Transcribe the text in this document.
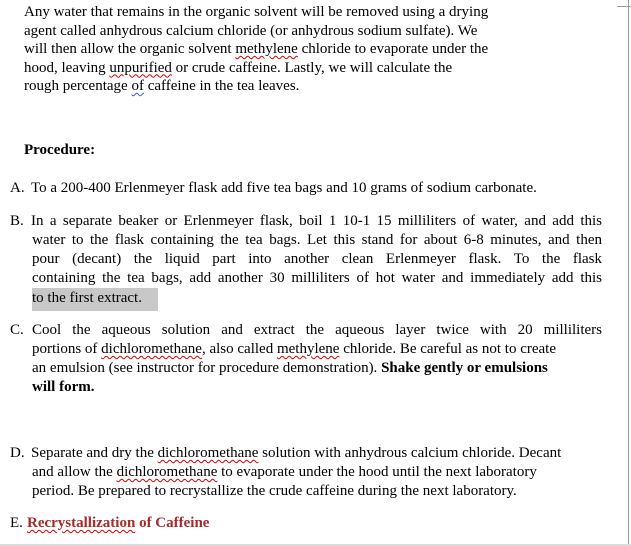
Any water that remains in the organic solvent will be removed using a drying
agent called anhydrous calcium chloride (or anhydrous sodium sulfate). We
will then allow the organic solvent methylene chloride to evaporate under the
hood, leaving unpurified or crude caffeine. Lastly, we will calculate the
rough percentage of caffeine in the tea leaves.
Procedure:
A. To a 200-400 Erlenmeyer flask add five tea bags and 10 grams of sodium carbonate.
B. In a separate beaker or Erlenmeyer flask, boil 1 10-1 15 milliliters of water, and add this
water to the flask containing the tea bags. Let this stand for about 6-8 minutes, and then
pour (decant) the liquid part into another clean Erlenmeyer flask. To the flask
containing the tea bags, add another 30 milliliters of hot water and immediately add this
to the first extract.
C. Cool the aqueous solution and extract the aqueous layer twice with 20 milliliters
portions of dichloromethane, also called methylene chloride. Be careful as not to create
an emulsion (see instructor for procedure demonstration). Shake gently or emulsions
will form.
D. Separate and dry the dichloromethane solution with anhydrous calcium chloride. Decant
and allow the dichloromethane to evaporate under the hood until the next laboratory
period. Be prepared to recrystallize the crude caffeine during the next laboratory.
E. Recrystallization of Caffeine
